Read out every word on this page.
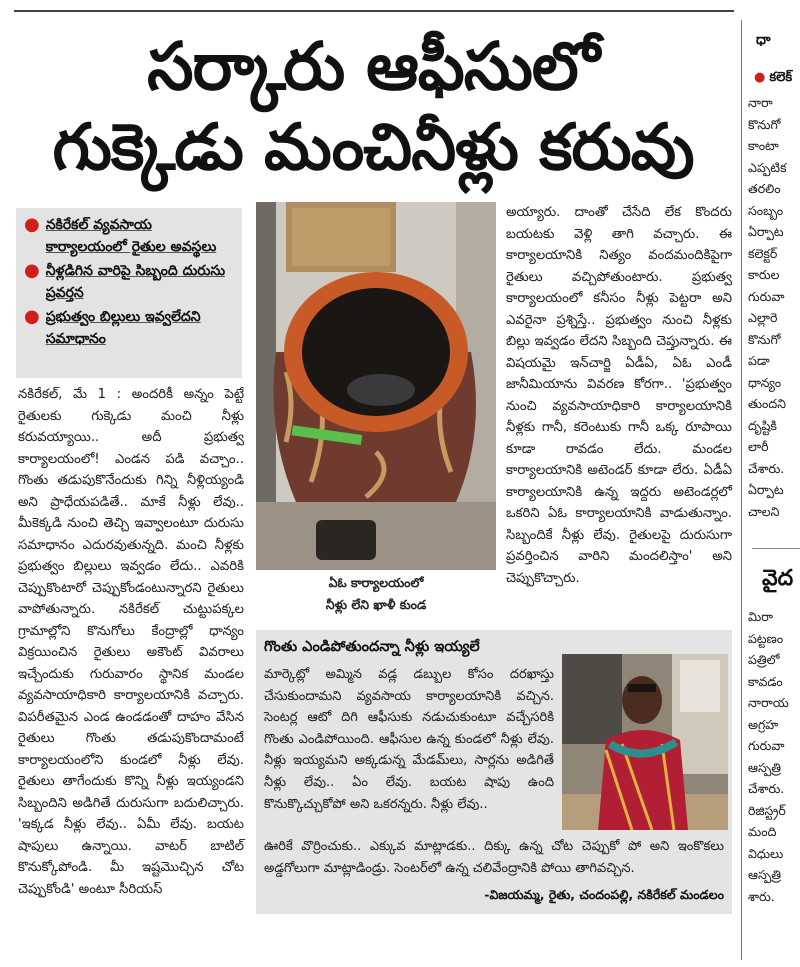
సర్కారు ఆఫీసులో
గుక్కెడు మంచినీళ్లు కరువు
● నకిరేకల్ వ్యవసాయ కార్యాలయంలో రైతుల అవస్థలు
● నీళ్లడిగిన వారిపై సిబ్బంది దురుసు ప్రవర్తన
● ప్రభుత్వం బిల్లులు ఇవ్వలేదని సమాధానం
నకిరేకల్, మే 1 : అందరికీ అన్నం పెట్టే రైతులకు గుక్కెడు మంచి నీళ్లు కరువయ్యాయి.. అదీ ప్రభుత్వ కార్యాలయంలో! ఎండన పడి వచ్చాం.. గొంతు తడుపుకొనేందుకు గిన్ని నీళ్లియ్యండి అని ప్రాధేయపడితే.. మాకే నీళ్లు లేవు.. మీకెక్కడి నుంచి తెచ్చి ఇవ్వాలంటూ దురుసు సమాధానం ఎదురవుతున్నది. మంచి నీళ్లకు ప్రభుత్వం బిల్లులు ఇవ్వడం లేదు.. ఎవరికి చెప్పుకొంటారో చెప్పుకోండంటున్నారని రైతులు వాపోతున్నారు. నకిరేకల్ చుట్టుపక్కల గ్రామాల్లోని కొనుగోలు కేంద్రాల్లో ధాన్యం విక్రయించిన రైతులు అకౌంట్ వివరాలు ఇచ్చేందుకు గురువారం స్థానిక మండల వ్యవసాయాధికారి కార్యాలయానికి వచ్చారు. విపరీతమైన ఎండ ఉండడంతో దాహం వేసిన రైతులు గొంతు తడుపుకొందామంటే కార్యాలయంలోని కుండలో నీళ్లు లేవు. రైతులు తాగేందుకు కొన్ని నీళ్లు ఇయ్యండని సిబ్బందిని అడిగితే దురుసుగా బదులిచ్చారు. 'ఇక్కడ నీళ్లు లేవు.. ఏమీ లేవు. బయట షాపులు ఉన్నాయి. వాటర్ బాటిల్ కొనుక్కోపోండి. మీ ఇష్టమొచ్చిన చోట చెప్పుకోండి' అంటూ సీరియస్
ఏఓ కార్యాలయంలో
నీళ్లు లేని ఖాళీ కుండ
అయ్యారు. దాంతో చేసేది లేక కొందరు బయటకు వెళ్లి తాగి వచ్చారు. ఈ కార్యాలయానికి నిత్యం వందమందికిపైగా రైతులు వచ్చిపోతుంటారు. ప్రభుత్వ కార్యాలయంలో కనీసం నీళ్లు పెట్టరా అని ఎవరైనా ప్రశ్నిస్తే.. ప్రభుత్వం నుంచి నీళ్లకు బిల్లు ఇవ్వడం లేదని సిబ్బంది చెప్తున్నారు. ఈ విషయమై ఇన్‌చార్జి ఏడీఏ, ఏఓ ఎండీ జానీమియాను వివరణ కోరగా.. 'ప్రభుత్వం నుంచి వ్యవసాయాధికారి కార్యాలయానికి నీళ్లకు గానీ, కరెంటుకు గానీ ఒక్క రూపాయి కూడా రావడం లేదు. మండల కార్యాలయానికి అటెండర్ కూడా లేరు. ఏడీఏ కార్యాలయానికి ఉన్న ఇద్దరు అటెండర్లలో ఒకరిని ఏఓ కార్యాలయానికి వాడుతున్నాం. సిబ్బందికే నీళ్లు లేవు. రైతులపై దురుసుగా ప్రవర్తించిన వారిని మందలిస్తాం' అని చెప్పుకొచ్చారు.
గొంతు ఎండిపోతుందన్నా నీళ్లు ఇయ్యలే
మార్కెట్లో అమ్మిన వడ్ల డబ్బుల కోసం దరఖాస్తు చేసుకుందామని వ్యవసాయ కార్యాలయానికి వచ్చిన. సెంటర్ల ఆటో దిగి ఆఫీసుకు నడుచుకుంటూ వచ్చేసరికి గొంతు ఎండిపోయింది. ఆఫీసుల ఉన్న కుండలో నీళ్లు లేవు. నీళ్లు ఇయ్యమని అక్కడున్న మేడమ్‌లు, సార్లను అడిగితే నీళ్లు లేవు.. ఏం లేవు. బయట షాపు ఉంది కొనుక్కొచ్చుకోపో అని ఒకరన్నరు. నీళ్లు లేవు..
ఊరికే వొర్రించుకు.. ఎక్కువ మాట్లాడకు.. దిక్కు ఉన్న చోట చెప్పుకో పో అని ఇంకొకలు అడ్డగోలుగా మాట్లాడిండ్రు. సెంటర్‌లో ఉన్న చలివేంద్రానికి పోయి తాగివచ్చిన.
-విజయమ్మ, రైతు, చందంపల్లి, నకిరేకల్ మండలం
ధా
● కలెక్
నారా
కొనుగో
కాంటా
ఎప్పటిక
తరలిం
సంబ్బం
ఏర్పాట
కలెక్టర్
కారుల
గురువా
ఎల్లారె
కొనుగో
పడా
ధాన్యం
తుందని
దృష్టికి
లారీ
చేశారు.
ఏర్పాట
చాలని
వైద
మిరా
పట్టణం
పత్రిలో
కావడం
నారాయ
అగ్రహ
గురువా
ఆస్పత్రి
చేశారు.
రిజిస్ట్రర్
మంది
విధులు
ఆస్పత్రి
శారు.
